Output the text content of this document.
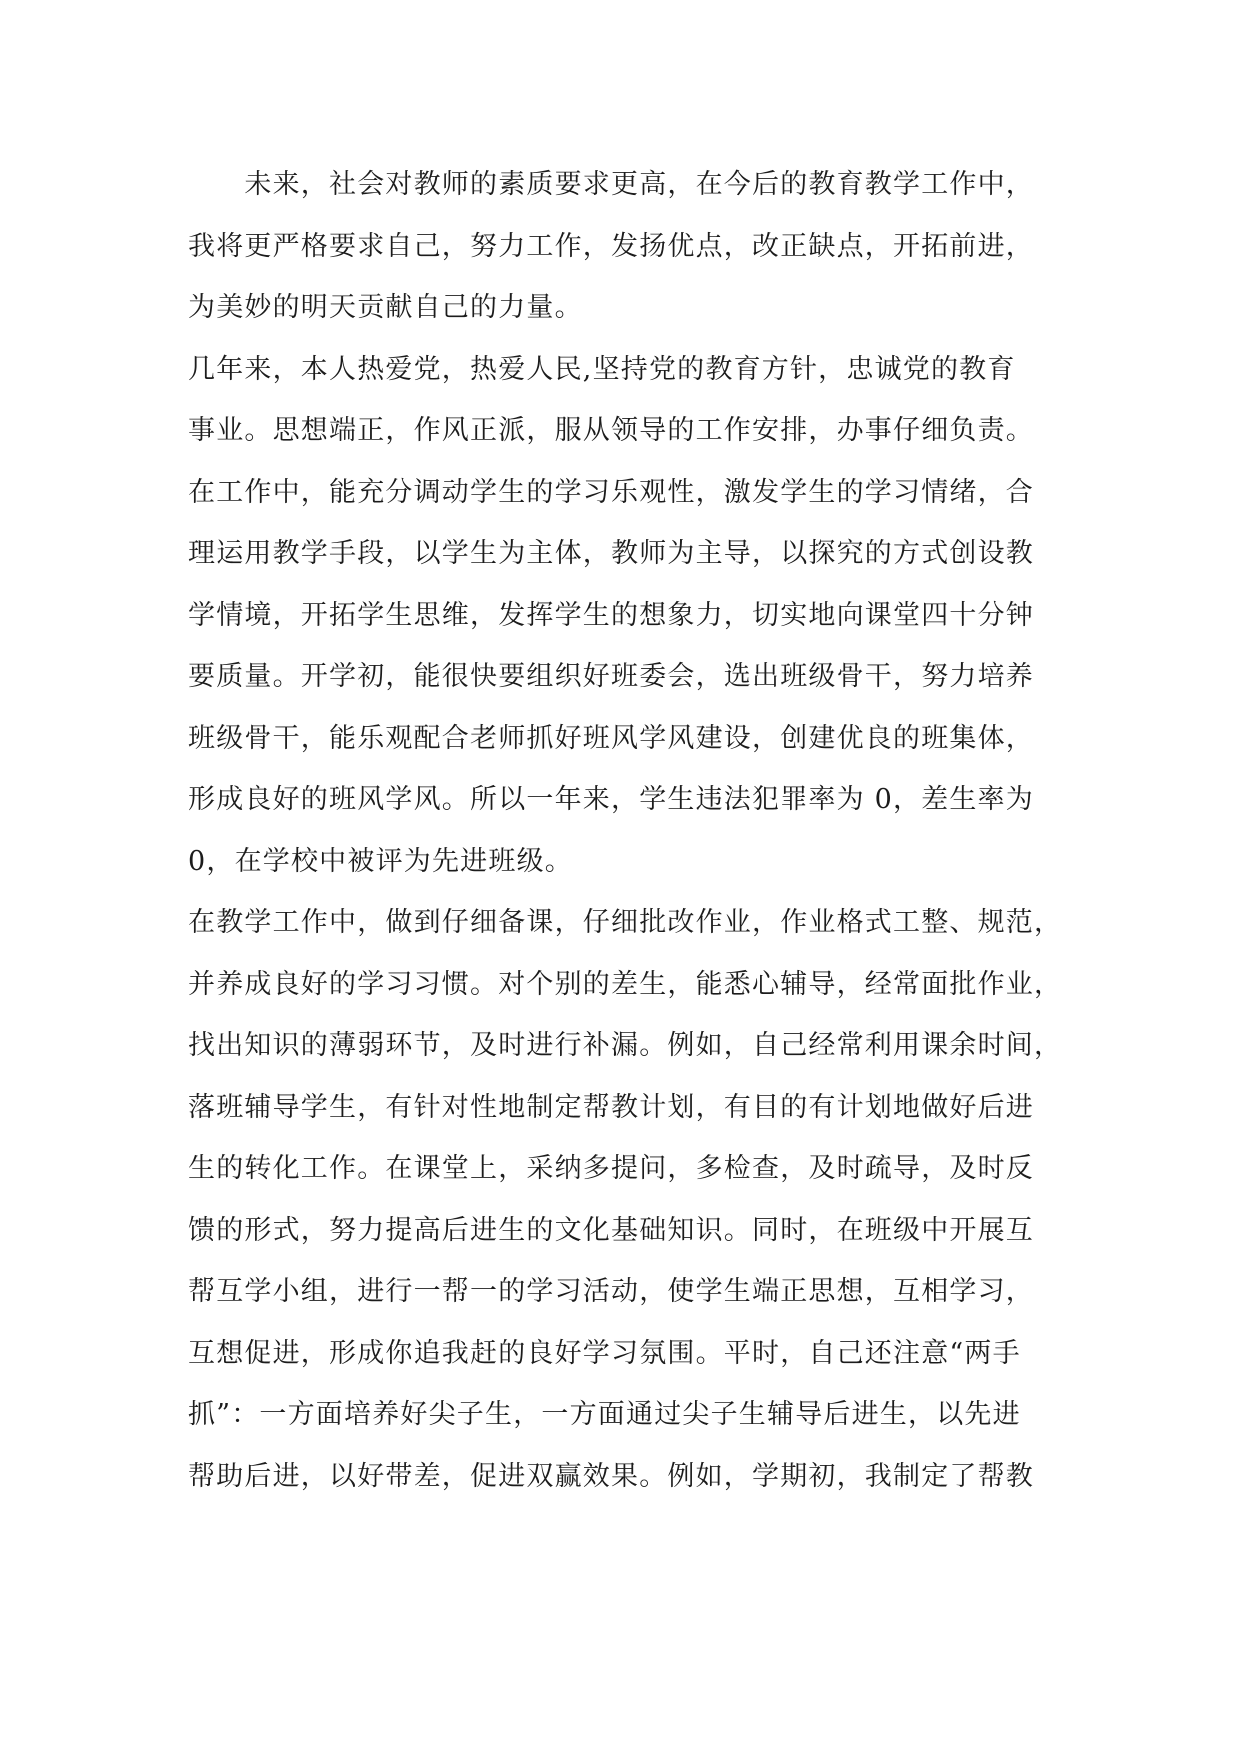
　　未来，社会对教师的素质要求更高，在今后的教育教学工作中，
我将更严格要求自己，努力工作，发扬优点，改正缺点，开拓前进，
为美妙的明天贡献自己的力量。
几年来，本人热爱党，热爱人民,坚持党的教育方针，忠诚党的教育
事业。思想端正，作风正派，服从领导的工作安排，办事仔细负责。
在工作中，能充分调动学生的学习乐观性，激发学生的学习情绪，合
理运用教学手段，以学生为主体，教师为主导，以探究的方式创设教
学情境，开拓学生思维，发挥学生的想象力，切实地向课堂四十分钟
要质量。开学初，能很快要组织好班委会，选出班级骨干，努力培养
班级骨干，能乐观配合老师抓好班风学风建设，创建优良的班集体，
形成良好的班风学风。所以一年来，学生违法犯罪率为 0，差生率为
0，在学校中被评为先进班级。
在教学工作中，做到仔细备课，仔细批改作业，作业格式工整、规范，
并养成良好的学习习惯。对个别的差生，能悉心辅导，经常面批作业，
找出知识的薄弱环节，及时进行补漏。例如，自己经常利用课余时间，
落班辅导学生，有针对性地制定帮教计划，有目的有计划地做好后进
生的转化工作。在课堂上，采纳多提问，多检查，及时疏导，及时反
馈的形式，努力提高后进生的文化基础知识。同时，在班级中开展互
帮互学小组，进行一帮一的学习活动，使学生端正思想，互相学习，
互想促进，形成你追我赶的良好学习氛围。平时，自己还注意“两手
抓”：一方面培养好尖子生，一方面通过尖子生辅导后进生，以先进
帮助后进，以好带差，促进双赢效果。例如，学期初，我制定了帮教
